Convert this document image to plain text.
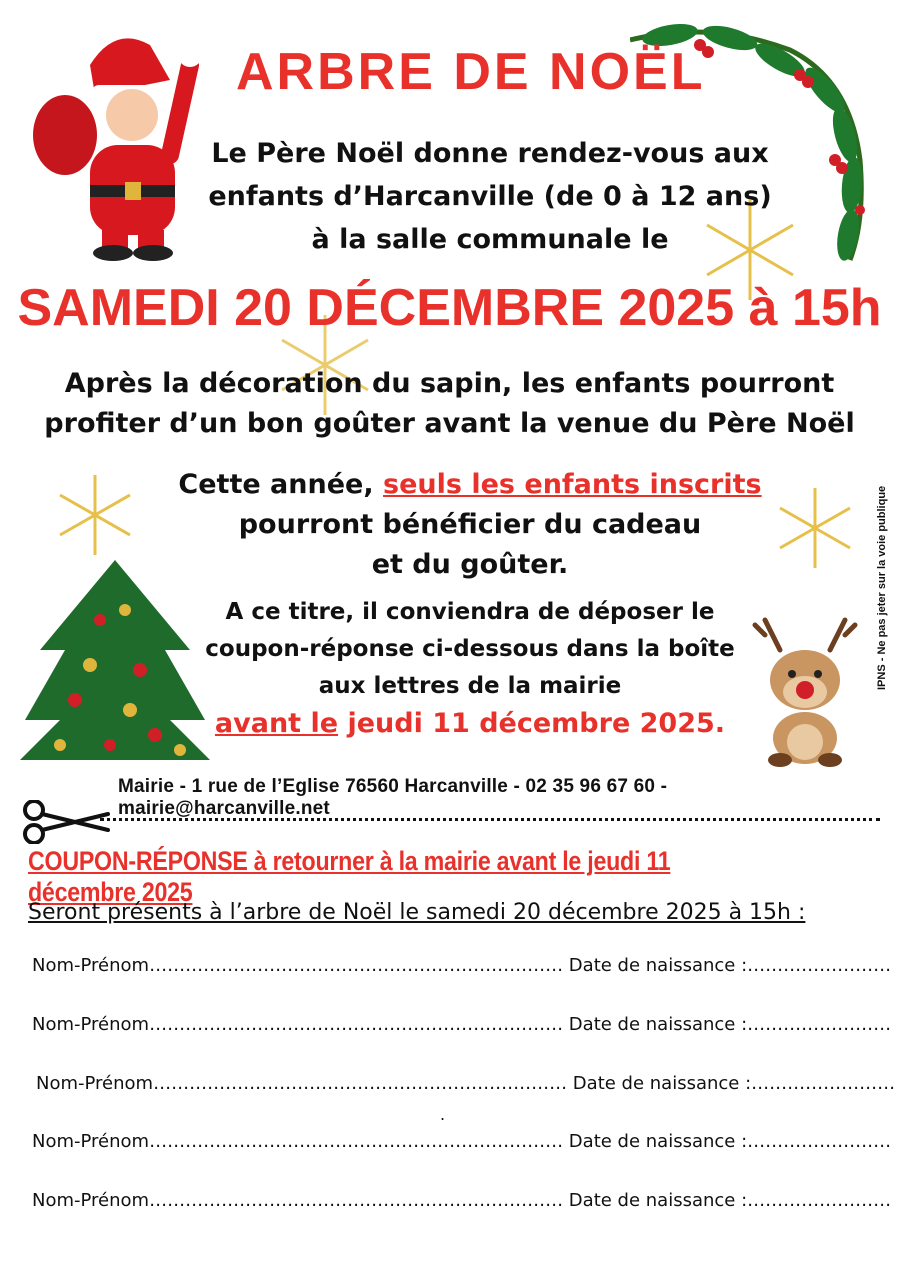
ARBRE DE NOËL
Le Père Noël donne rendez-vous aux
enfants d’Harcanville (de 0 à 12 ans)
à la salle communale le
SAMEDI 20 DÉCEMBRE 2025 à 15h
Après la décoration du sapin, les enfants pourront
profiter d’un bon goûter avant la venue du Père Noël
Cette année, seuls les enfants inscrits
pourront bénéficier du cadeau
et du goûter.
A ce titre, il conviendra de déposer le
coupon-réponse ci-dessous dans la boîte
aux lettres de la mairie
avant le jeudi 11 décembre 2025.
Mairie - 1 rue de l’Eglise 76560 Harcanville - 02 35 96 67 60 - mairie@harcanville.net
IPNS - Ne pas jeter sur la voie publique
COUPON-RÉPONSE à retourner à la mairie avant le jeudi 11 décembre 2025
Seront présents à l’arbre de Noël le samedi 20 décembre 2025 à 15h :
Nom-Prénom…………………………………………………………… Date de naissance :……………………
Nom-Prénom…………………………………………………………… Date de naissance :……………………
Nom-Prénom…………………………………………………………… Date de naissance :……………………
.
Nom-Prénom…………………………………………………………… Date de naissance :……………………
Nom-Prénom…………………………………………………………… Date de naissance :……………………
